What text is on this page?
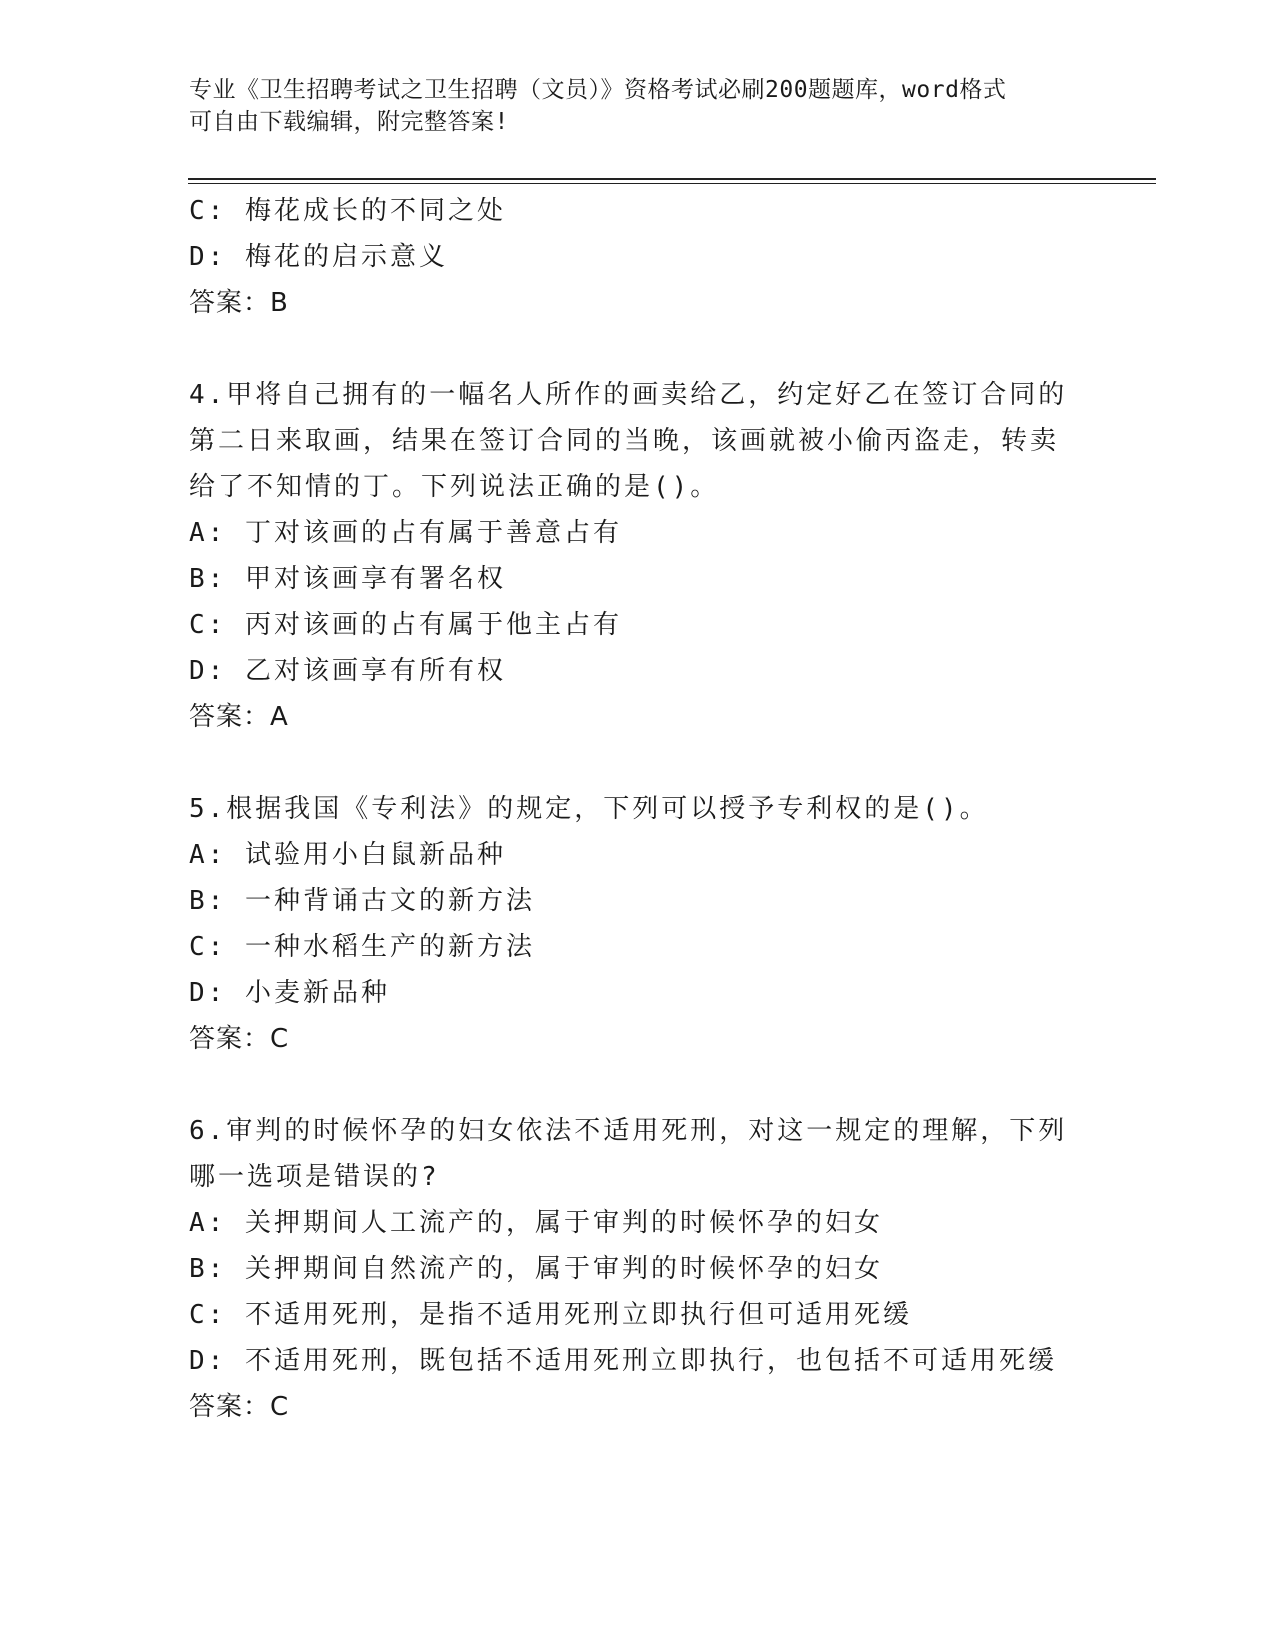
专业《卫生招聘考试之卫生招聘（文员）》资格考试必刷200题题库，word格式
可自由下载编辑，附完整答案!
C: 梅花成长的不同之处
D: 梅花的启示意义
答案：B
4.甲将自己拥有的一幅名人所作的画卖给乙，约定好乙在签订合同的
第二日来取画，结果在签订合同的当晚，该画就被小偷丙盗走，转卖
给了不知情的丁。下列说法正确的是()。
A: 丁对该画的占有属于善意占有
B: 甲对该画享有署名权
C: 丙对该画的占有属于他主占有
D: 乙对该画享有所有权
答案：A
5.根据我国《专利法》的规定，下列可以授予专利权的是()。
A: 试验用小白鼠新品种
B: 一种背诵古文的新方法
C: 一种水稻生产的新方法
D: 小麦新品种
答案：C
6.审判的时候怀孕的妇女依法不适用死刑，对这一规定的理解，下列
哪一选项是错误的?
A: 关押期间人工流产的，属于审判的时候怀孕的妇女
B: 关押期间自然流产的，属于审判的时候怀孕的妇女
C: 不适用死刑，是指不适用死刑立即执行但可适用死缓
D: 不适用死刑，既包括不适用死刑立即执行，也包括不可适用死缓
答案：C
